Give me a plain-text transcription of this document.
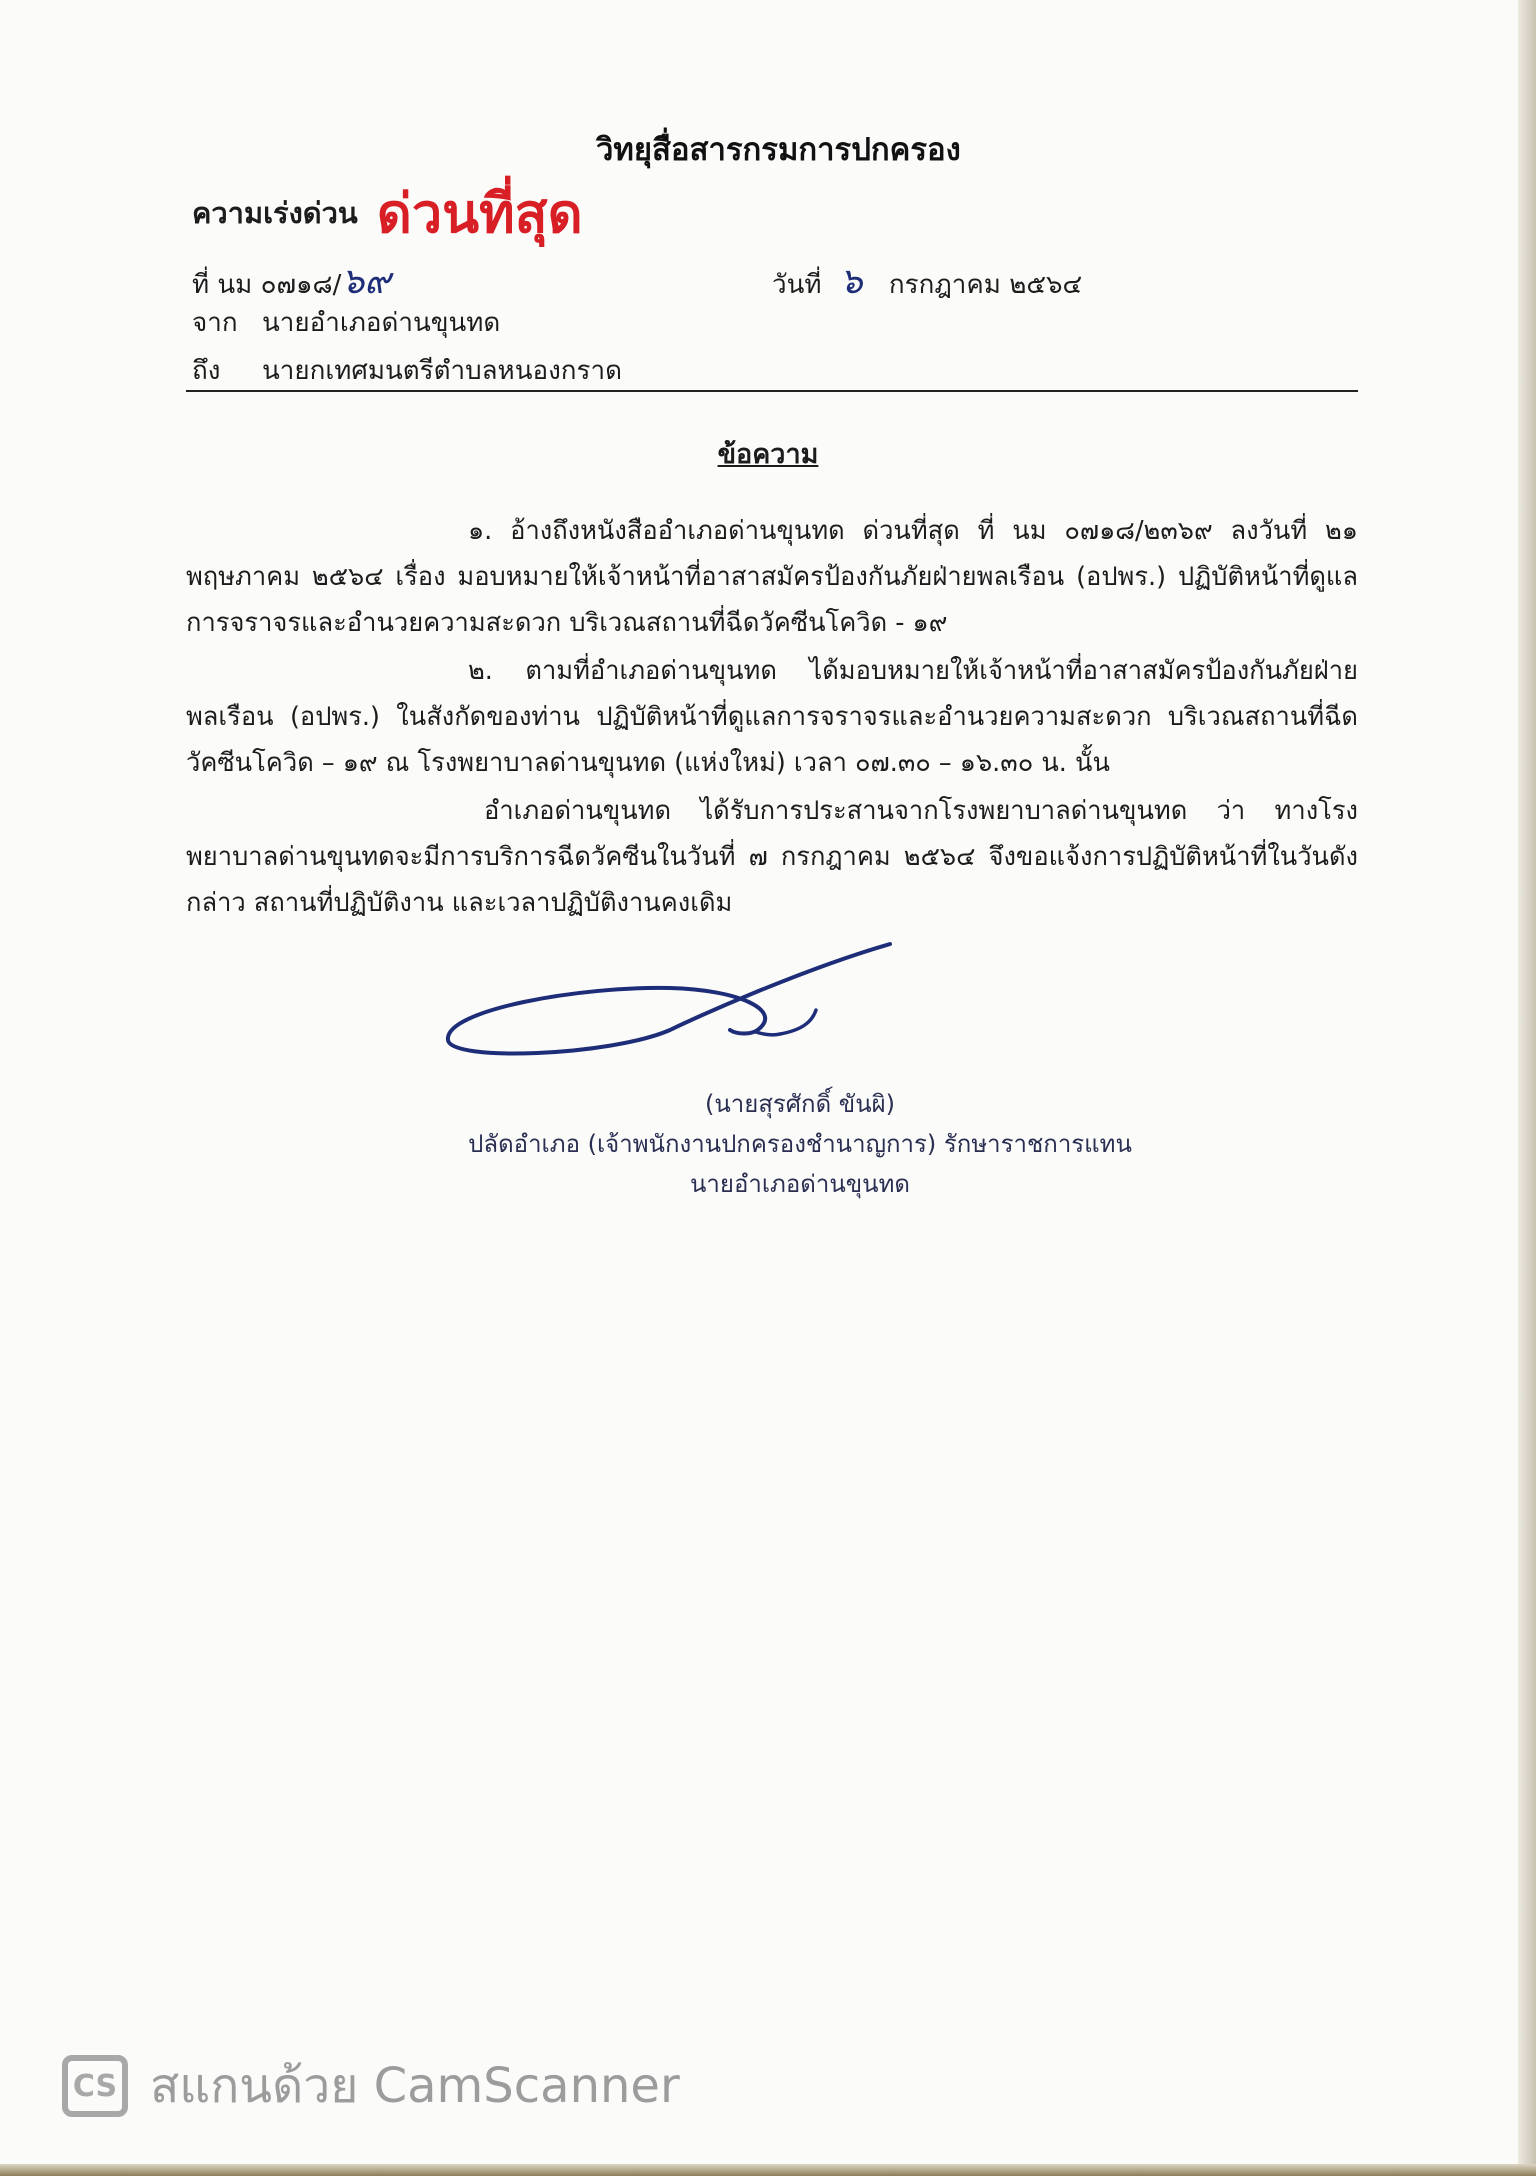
วิทยุสื่อสารกรมการปกครอง
ความเร่งด่วน ด่วนที่สุด
ที่ นม ๐๗๑๘/๖๙	วันที่ ๖ กรกฎาคม ๒๕๖๔
จาก นายอำเภอด่านขุนทด
ถึง นายกเทศมนตรีตำบลหนองกราด
ข้อความ
๑. อ้างถึงหนังสืออำเภอด่านขุนทด ด่วนที่สุด ที่ นม ๐๗๑๘/๒๓๖๙ ลงวันที่ ๒๑ พฤษภาคม ๒๕๖๔ เรื่อง มอบหมายให้เจ้าหน้าที่อาสาสมัครป้องกันภัยฝ่ายพลเรือน (อปพร.) ปฏิบัติหน้าที่ดูแลการจราจรและอำนวยความสะดวก บริเวณสถานที่ฉีดวัคซีนโควิด - ๑๙
๒. ตามที่อำเภอด่านขุนทด ได้มอบหมายให้เจ้าหน้าที่อาสาสมัครป้องกันภัยฝ่ายพลเรือน (อปพร.) ในสังกัดของท่าน ปฏิบัติหน้าที่ดูแลการจราจรและอำนวยความสะดวก บริเวณสถานที่ฉีดวัคซีนโควิด – ๑๙ ณ โรงพยาบาลด่านขุนทด (แห่งใหม่) เวลา ๐๗.๓๐ – ๑๖.๓๐ น. นั้น
อำเภอด่านขุนทด ได้รับการประสานจากโรงพยาบาลด่านขุนทด ว่า ทางโรงพยาบาลด่านขุนทดจะมีการบริการฉีดวัคซีนในวันที่ ๗ กรกฎาคม ๒๕๖๔ จึงขอแจ้งการปฏิบัติหน้าที่ในวันดังกล่าว สถานที่ปฏิบัติงาน และเวลาปฏิบัติงานคงเดิม
(นายสุรศักดิ์ ขันผิ)
ปลัดอำเภอ (เจ้าพนักงานปกครองชำนาญการ) รักษาราชการแทน
นายอำเภอด่านขุนทด
CS สแกนด้วย CamScanner
